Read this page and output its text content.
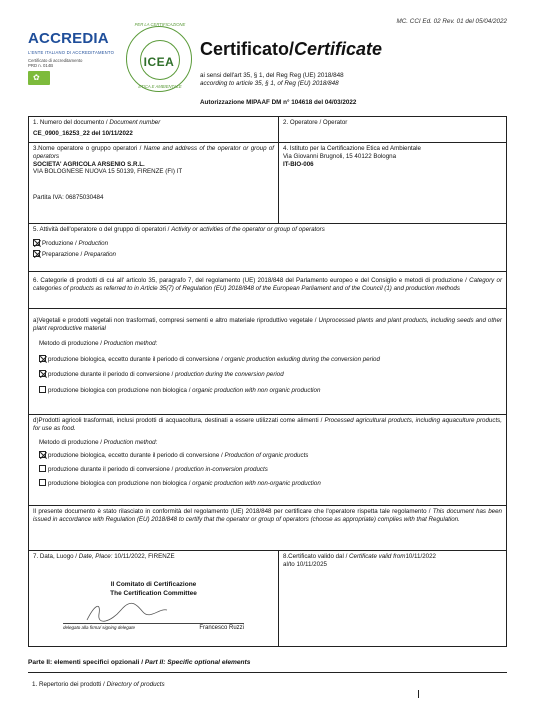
MC. CCI Ed. 02 Rev. 01 del 05/04/2022
ACCREDIA
L'ENTE ITALIANO DI ACCREDITAMENTO
Certificato di accreditamento
PRD n. 014B
✿
PER LA CERTIFICAZIONE
ICEA
ETICA E AMBIENTALE
Certificato/Certificate
ai sensi dell'art 35, § 1, del Reg Reg (UE) 2018/848
according to article 35, § 1, of Reg (EU) 2018/848
Autorizzazione MIPAAF DM n° 104618 del 04/03/2022
1. Numero del documento / Document number
CE_0900_16253_22 del 10/11/2022
2. Operatore / Operator
3.Nome operatore o gruppo operatori / Name and address of the operator or group of operators
SOCIETA' AGRICOLA ARSENIO S.R.L.
VIA BOLOGNESE NUOVA 15 50139, FIRENZE (FI) IT
Partita IVA: 06875030484
4. Istituto per la Certificazione Etica ed Ambientale
Via Giovanni Brugnoli, 15 40122 Bologna
IT-BIO-006
5. Attività dell'operatore o del gruppo di operatori / Activity or activities of the operator or group of operators
Produzione / Production
Preparazione / Preparation
6. Categorie di prodotti di cui all' articolo 35, paragrafo 7, del regolamento (UE) 2018/848 del Parlamento europeo e del Consiglio e metodi di produzione / Category or categories of products as referred to in Article 35(7) of Regulation (EU) 2018/848 of the European Parliament and of the Council (1) and production methods
a)Vegetali e prodotti vegetali non trasformati, compresi sementi e altro materiale riproduttivo vegetale / Unprocessed plants and plant products, including seeds and other plant reproductive material
Metodo di produzione / Production method:
produzione biologica, eccetto durante il periodo di conversione / organic production exluding during the conversion period
produzione durante il periodo di conversione / production during the conversion period
produzione biologica con produzione non biologica / organic production with non organic production
d)Prodotti agricoli trasformati, inclusi prodotti di acquacoltura, destinati a essere utilizzati come alimenti / Processed agricultural products, including aquaculture products, for use as food.
Metodo di produzione / Production method:
produzione biologica, eccetto durante il periodo di conversione / Production of organic products
produzione durante il periodo di conversione / production in-conversion products
produzione biologica con produzione non biologica / organic production with non-organic production
Il presente documento è stato rilasciato in conformità del regolamento (UE) 2018/848 per certificare che l'operatore rispetta tale regolamento / This document has been issued in accordance with Regulation (EU) 2018/848 to certify that the operator or group of operators (choose as appropriate) complies with that Regulation.
7. Data, Luogo / Date, Place: 10/11/2022, FIRENZE
Il Comitato di Certificazione
The Certification Committee
delegato alla firma/ signing delegate	Francesco Ruzzi
8.Certificato valido dal / Certificate valid from10/11/2022
al/to 10/11/2025
Parte II: elementi specifici opzionali / Part II: Specific optional elements
1. Repertorio dei prodotti / Directory of products
